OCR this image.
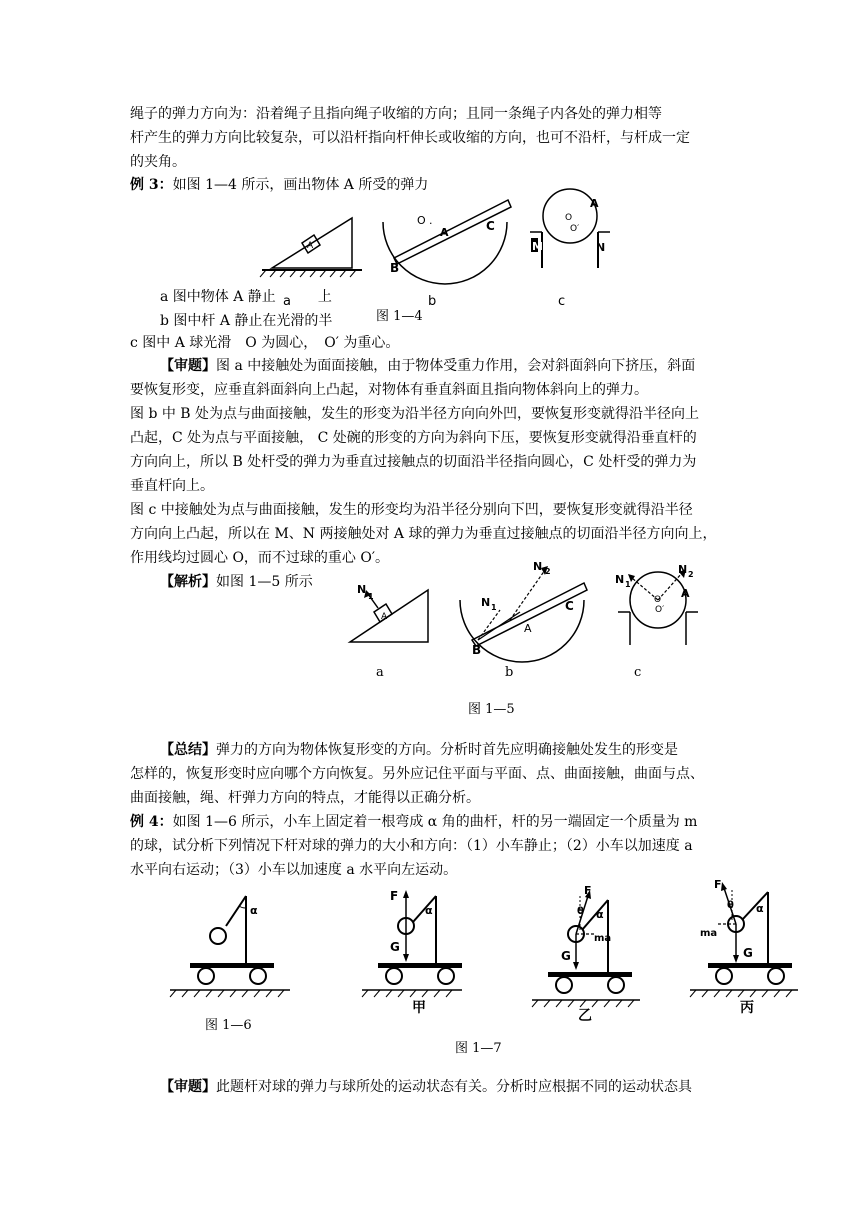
绳子的弹力方向为：沿着绳子且指向绳子收缩的方向；且同一条绳子内各处的弹力相等
杆产生的弹力方向比较复杂，可以沿杆指向杆伸长或收缩的方向，也可不沿杆，与杆成一定
的夹角。
例 3：如图 1—4 所示，画出物体 A 所受的弹力
A
O .
A	C
B
O
O′
A
M	N
a	b	c
a 图中物体 A 静止	上
b 图中杆 A 静止在光滑的半	图 1—4
c 图中 A 球光滑　O 为圆心，　O′ 为重心。
【审题】图 a 中接触处为面面接触，由于物体受重力作用，会对斜面斜向下挤压，斜面
要恢复形变，应垂直斜面斜向上凸起，对物体有垂直斜面且指向物体斜向上的弹力。
图 b 中 B 处为点与曲面接触，发生的形变为沿半径方向向外凹，要恢复形变就得沿半径向上
凸起，C 处为点与平面接触， C 处碗的形变的方向为斜向下压，要恢复形变就得沿垂直杆的
方向向上，所以 B 处杆受的弹力为垂直过接触点的切面沿半径指向圆心，C 处杆受的弹力为
垂直杆向上。
图 c 中接触处为点与曲面接触，发生的形变均为沿半径分别向下凹，要恢复形变就得沿半径
方向向上凸起，所以在 M、N 两接触处对 A 球的弹力为垂直过接触点的切面沿半径方向向上，
作用线均过圆心 O，而不过球的重心 O′。
【解析】如图 1—5 所示	N
1
A
N 2
N 1
A
C
B
N 1
N 2
O
O′
A
a	b	c
图 1—5
【总结】弹力的方向为物体恢复形变的方向。分析时首先应明确接触处发生的形变是
怎样的，恢复形变时应向哪个方向恢复。另外应记住平面与平面、点、曲面接触，曲面与点、
曲面接触，绳、杆弹力方向的特点，才能得以正确分析。
例 4：如图 1—6 所示，小车上固定着一根弯成 α 角的曲杆，杆的另一端固定一个质量为 m
的球，试分析下列情况下杆对球的弹力的大小和方向：（1）小车静止；（2）小车以加速度 a
水平向右运动；（3）小车以加速度 a 水平向左运动。
α
F
G
α
甲
F
θ α
ma
G
乙
F
θ α
ma
G
丙
图 1—6
图 1—7
【审题】此题杆对球的弹力与球所处的运动状态有关。分析时应根据不同的运动状态具
